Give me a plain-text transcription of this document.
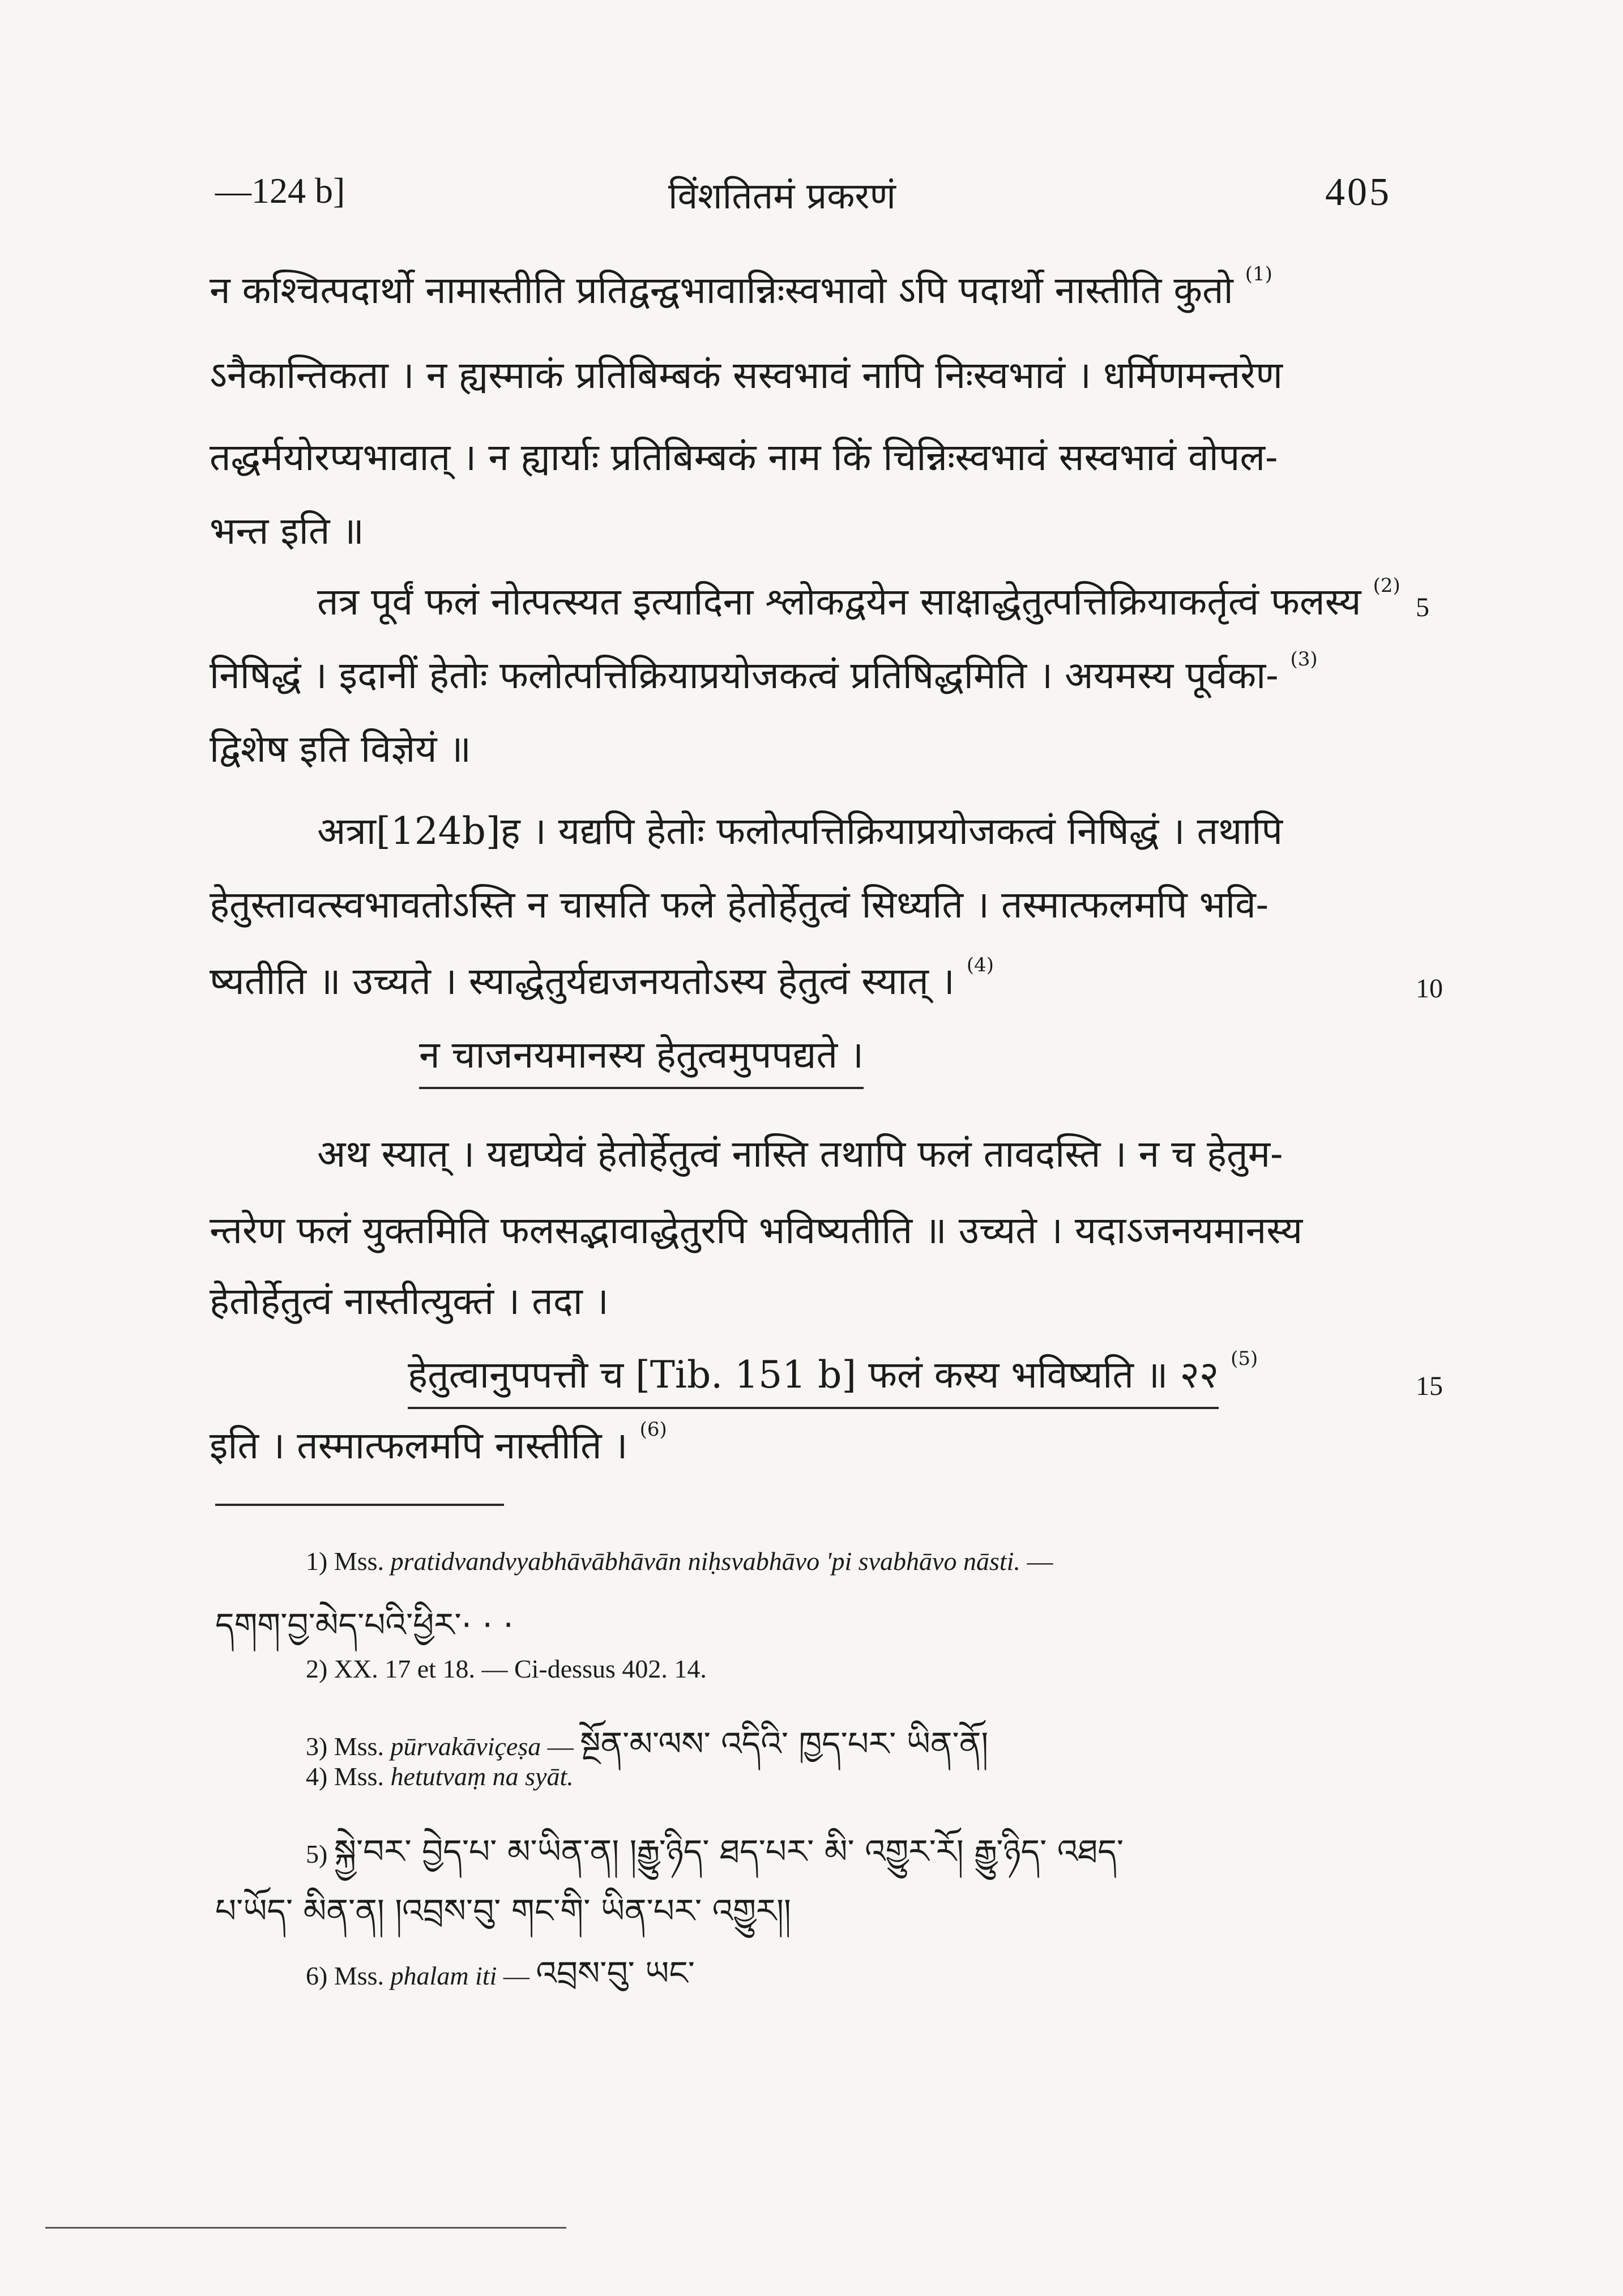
—124 b]	विंशतितमं प्रकरणं	405
न कश्चित्पदार्थो नामास्तीति प्रतिद्वन्द्वभावान्निःस्वभावो ऽपि पदार्थो नास्तीति कुतो $^{(1)}$
ऽनैकान्तिकता । न ह्यस्माकं प्रतिबिम्बकं सस्वभावं नापि निःस्वभावं । धर्मिणमन्तरेण
तद्धर्मयोरप्यभावात् । न ह्यार्याः प्रतिबिम्बकं नाम किं चिन्निःस्वभावं सस्वभावं वोपल-
भन्त इति ॥
तत्र पूर्वं फलं नोत्पत्स्यत इत्यादिना श्लोकद्वयेन साक्षाद्धेतुत्पत्तिक्रियाकर्तृत्वं फलस्य $^{(2)}$
5
निषिद्धं । इदानीं हेतोः फलोत्पत्तिक्रियाप्रयोजकत्वं प्रतिषिद्धमिति । अयमस्य पूर्वका- $^{(3)}$
द्विशेष इति विज्ञेयं ॥
अत्रा[124b]ह । यद्यपि हेतोः फलोत्पत्तिक्रियाप्रयोजकत्वं निषिद्धं । तथापि
हेतुस्तावत्स्वभावतोऽस्ति न चासति फले हेतोर्हेतुत्वं सिध्यति । तस्मात्फलमपि भवि-
ष्यतीति ॥ उच्यते । स्याद्धेतुर्यद्यजनयतोऽस्य हेतुत्वं स्यात् । $^{(4)}$
10
न चाजनयमानस्य हेतुत्वमुपपद्यते ।
अथ स्यात् । यद्यप्येवं हेतोर्हेतुत्वं नास्ति तथापि फलं तावदस्ति । न च हेतुम-
न्तरेण फलं युक्तमिति फलसद्भावाद्धेतुरपि भविष्यतीति ॥ उच्यते । यदाऽजनयमानस्य
हेतोर्हेतुत्वं नास्तीत्युक्तं । तदा ।
हेतुत्वानुपपत्तौ च [Tib. 151 b] फलं कस्य भविष्यति ॥ २२ $^{(5)}$
15
इति । तस्मात्फलमपि नास्तीति । $^{(6)}$
1) Mss. pratidvandvyabhāvābhāvān niḥsvabhāvo 'pi svabhāvo nāsti. —
དགག་བྱ་མེད་པའི་ཕྱིར་· · ·
2) XX. 17 et 18. — Ci-dessus 402. 14.
3) Mss. pūrvakāviçeṣa — སྔོན་མ་ལས་ འདིའི་ ཁྱད་པར་ ཡིན་ནོ།
4) Mss. hetutvaṃ na syāt.
5) སྐྱེ་བར་ བྱེད་པ་ མ་ཡིན་ན། །རྒྱུ་ཉིད་ ཐད་པར་ མི་ འགྱུར་རོ། རྒྱུ་ཉིད་ འཐད་
པ་ཡོད་ མིན་ན། །འབྲས་བུ་ གང་གི་ ཡིན་པར་ འགྱུར།།
6) Mss. phalam iti — འབྲས་བུ་ ཡང་
